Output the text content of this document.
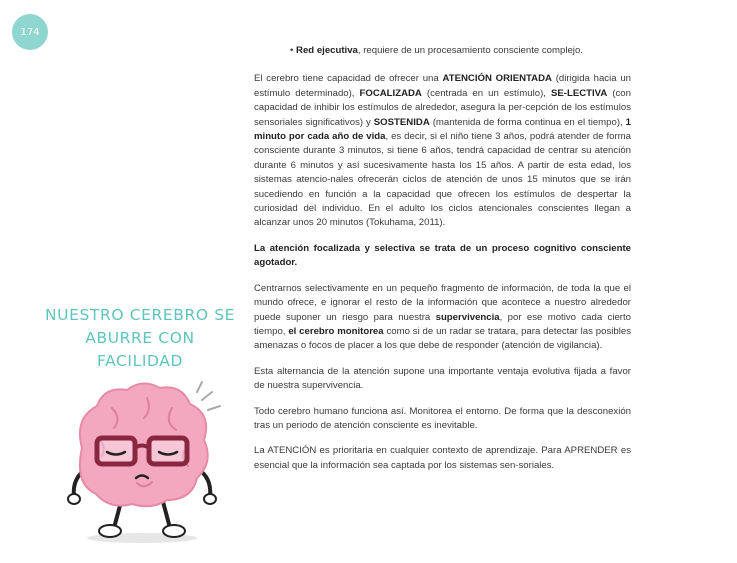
174
NUESTRO CEREBRO SE ABURRE CON FACILIDAD

• Red ejecutiva, requiere de un procesamiento consciente complejo.

El cerebro tiene capacidad de ofrecer una ATENCIÓN ORIENTADA (dirigida hacia un estímulo determinado), FOCALIZADA (centrada en un estímulo), SE-LECTIVA (con capacidad de inhibir los estímulos de alrededor, asegura la per-cepción de los estímulos sensoriales significativos) y SOSTENIDA (mantenida de forma continua en el tiempo), 1 minuto por cada año de vida, es decir, si el niño tiene 3 años, podrá atender de forma consciente durante 3 minutos, si tiene 6 años, tendrá capacidad de centrar su atención durante 6 minutos y así sucesivamente hasta los 15 años. A partir de esta edad, los sistemas atencio-nales ofrecerán ciclos de atención de unos 15 minutos que se irán sucediendo en función a la capacidad que ofrecen los estímulos de despertar la curiosidad del individuo. En el adulto los ciclos atencionales conscientes llegan a alcanzar unos 20 minutos (Tokuhama, 2011).

La atención focalizada y selectiva se trata de un proceso cognitivo consciente agotador.

Centrarnos selectivamente en un pequeño fragmento de información, de toda la que el mundo ofrece, e ignorar el resto de la información que acontece a nuestro alrededor puede suponer un riesgo para nuestra supervivencia, por ese motivo cada cierto tiempo, el cerebro monitorea como si de un radar se tratara, para detectar las posibles amenazas o focos de placer a los que debe de responder (atención de vigilancia).

Esta alternancia de la atención supone una importante ventaja evolutiva fijada a favor de nuestra supervivencia.

Todo cerebro humano funciona así. Monitorea el entorno. De forma que la desconexión tras un periodo de atención consciente es inevitable.

La ATENCIÓN es prioritaria en cualquier contexto de aprendizaje. Para APRENDER es esencial que la información sea captada por los sistemas sen-soriales.
